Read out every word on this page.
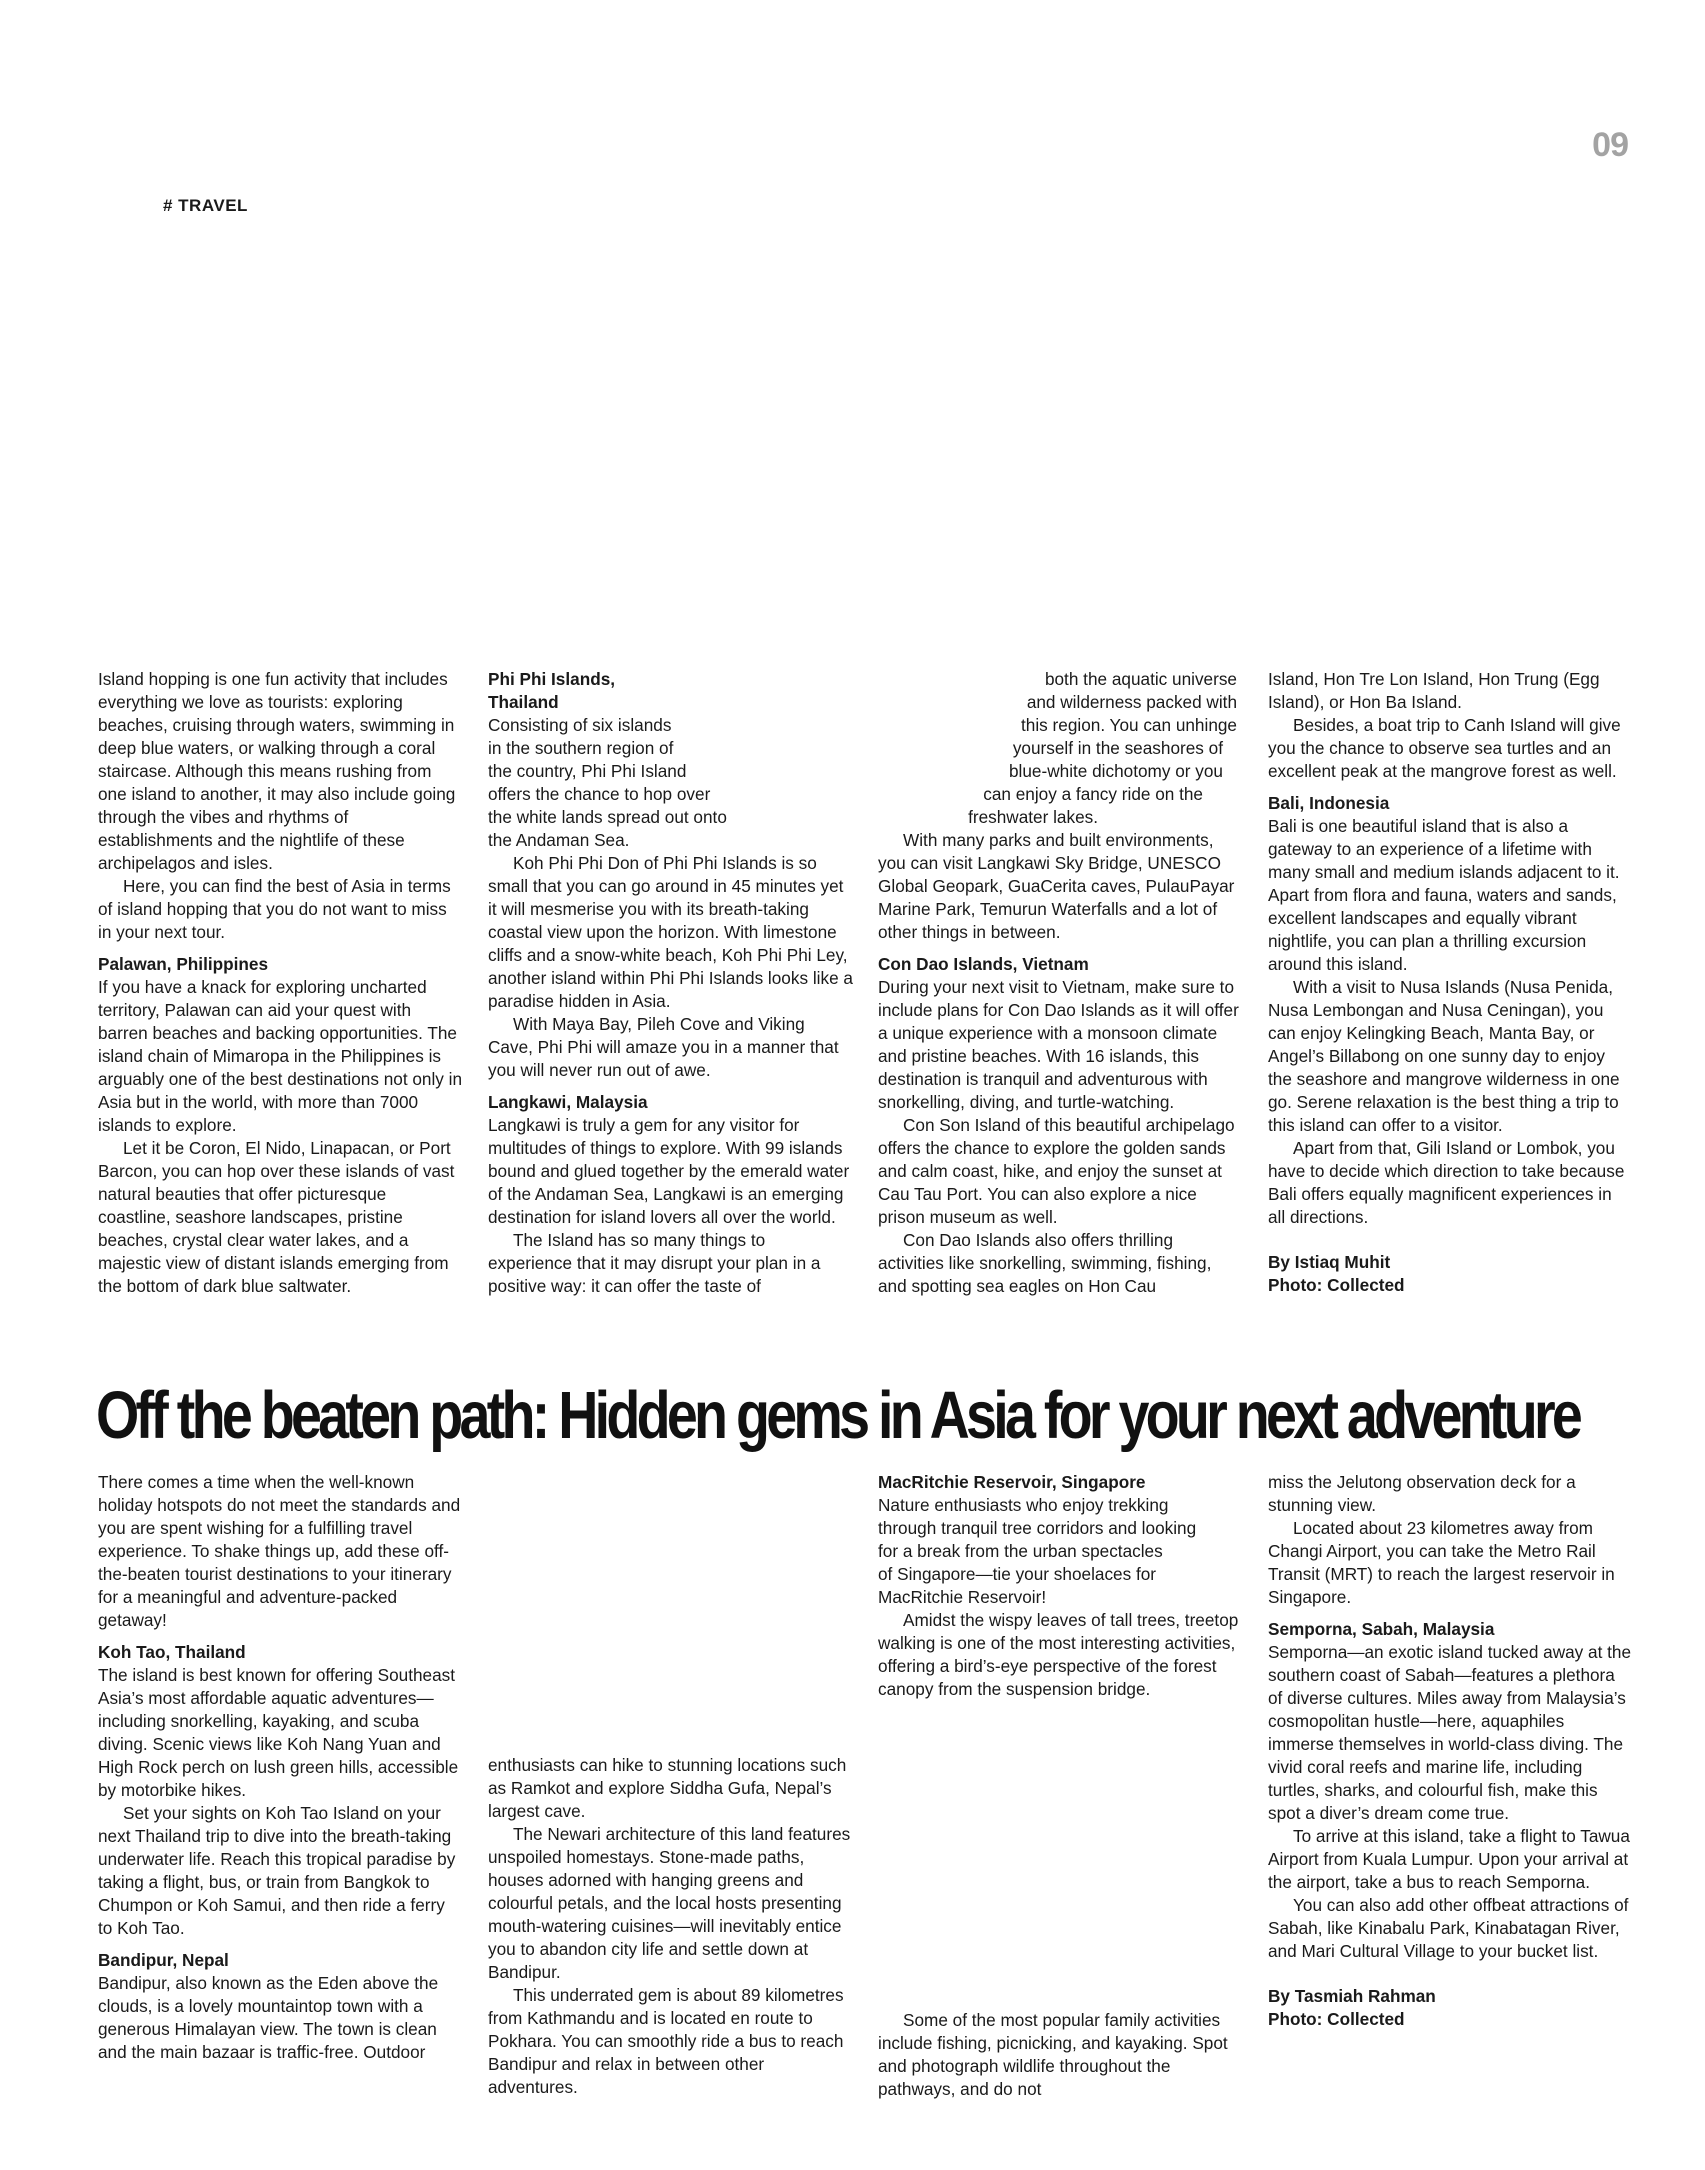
09
# TRAVEL

Island hopping is one fun activity that includes everything we love as tourists: exploring beaches, cruising through waters, swimming in deep blue waters, or walking through a coral staircase. Although this means rushing from one island to another, it may also include going through the vibes and rhythms of establishments and the nightlife of these archipelagos and isles.

Here, you can find the best of Asia in terms of island hopping that you do not want to miss in your next tour.

Palawan, Philippines

If you have a knack for exploring uncharted territory, Palawan can aid your quest with barren beaches and backing opportunities. The island chain of Mimaropa in the Philippines is arguably one of the best destinations not only in Asia but in the world, with more than 7000 islands to explore.

Let it be Coron, El Nido, Linapacan, or Port Barcon, you can hop over these islands of vast natural beauties that offer picturesque coastline, seashore landscapes, pristine beaches, crystal clear water lakes, and a majestic view of distant islands emerging from the bottom of dark blue saltwater.

Phi Phi Islands,
Thailand

Consisting of six islands
in the southern region of
the country, Phi Phi Island
offers the chance to hop over
the white lands spread out onto
the Andaman Sea.

Koh Phi Phi Don of Phi Phi Islands is so small that you can go around in 45 minutes yet it will mesmerise you with its breath-taking coastal view upon the horizon. With limestone cliffs and a snow-white beach, Koh Phi Phi Ley, another island within Phi Phi Islands looks like a paradise hidden in Asia.

With Maya Bay, Pileh Cove and Viking Cave, Phi Phi will amaze you in a manner that you will never run out of awe.

Langkawi, Malaysia

Langkawi is truly a gem for any visitor for multitudes of things to explore. With 99 islands bound and glued together by the emerald water of the Andaman Sea, Langkawi is an emerging destination for island lovers all over the world.

The Island has so many things to experience that it may disrupt your plan in a positive way: it can offer the taste of

both the aquatic universe
and wilderness packed with
this region. You can unhinge
yourself in the seashores of
blue-white dichotomy or you
can enjoy a fancy ride on the
freshwater lakes.

With many parks and built environments, you can visit Langkawi Sky Bridge, UNESCO Global Geopark, GuaCerita caves, PulauPayar Marine Park, Temurun Waterfalls and a lot of other things in between.

Con Dao Islands, Vietnam

During your next visit to Vietnam, make sure to include plans for Con Dao Islands as it will offer a unique experience with a monsoon climate and pristine beaches. With 16 islands, this destination is tranquil and adventurous with snorkelling, diving, and turtle-watching.

Con Son Island of this beautiful archipelago offers the chance to explore the golden sands and calm coast, hike, and enjoy the sunset at Cau Tau Port. You can also explore a nice prison museum as well.

Con Dao Islands also offers thrilling activities like snorkelling, swimming, fishing, and spotting sea eagles on Hon Cau

Island, Hon Tre Lon Island, Hon Trung (Egg Island), or Hon Ba Island.

Besides, a boat trip to Canh Island will give you the chance to observe sea turtles and an excellent peak at the mangrove forest as well.

Bali, Indonesia

Bali is one beautiful island that is also a gateway to an experience of a lifetime with many small and medium islands adjacent to it. Apart from flora and fauna, waters and sands, excellent landscapes and equally vibrant nightlife, you can plan a thrilling excursion around this island.

With a visit to Nusa Islands (Nusa Penida, Nusa Lembongan and Nusa Ceningan), you can enjoy Kelingking Beach, Manta Bay, or Angel’s Billabong on one sunny day to enjoy the seashore and mangrove wilderness in one go. Serene relaxation is the best thing a trip to this island can offer to a visitor.

Apart from that, Gili Island or Lombok, you have to decide which direction to take because Bali offers equally magnificent experiences in all directions.

By Istiaq Muhit
Photo: Collected
Off the beaten path: Hidden gems in Asia for your next adventure

There comes a time when the well-known holiday hotspots do not meet the standards and you are spent wishing for a fulfilling travel experience. To shake things up, add these off-the-beaten tourist destinations to your itinerary for a meaningful and adventure-packed getaway!

Koh Tao, Thailand

The island is best known for offering Southeast Asia’s most affordable aquatic adventures—including snorkelling, kayaking, and scuba diving. Scenic views like Koh Nang Yuan and High Rock perch on lush green hills, accessible by motorbike hikes.

Set your sights on Koh Tao Island on your next Thailand trip to dive into the breath-taking underwater life. Reach this tropical paradise by taking a flight, bus, or train from Bangkok to Chumpon or Koh Samui, and then ride a ferry to Koh Tao.

Bandipur, Nepal

Bandipur, also known as the Eden above the clouds, is a lovely mountaintop town with a generous Himalayan view. The town is clean and the main bazaar is traffic-free. Outdoor

enthusiasts can hike to stunning locations such as Ramkot and explore Siddha Gufa, Nepal’s largest cave.

The Newari architecture of this land features unspoiled homestays. Stone-made paths, houses adorned with hanging greens and colourful petals, and the local hosts presenting mouth-watering cuisines—will inevitably entice you to abandon city life and settle down at Bandipur.

This underrated gem is about 89 kilometres from Kathmandu and is located en route to Pokhara. You can smoothly ride a bus to reach Bandipur and relax in between other adventures.

MacRitchie Reservoir, Singapore

Nature enthusiasts who enjoy trekking
through tranquil tree corridors and looking
for a break from the urban spectacles
of Singapore—tie your shoelaces for
MacRitchie Reservoir!

Amidst the wispy leaves of tall trees, treetop walking is one of the most interesting activities, offering a bird’s-eye perspective of the forest canopy from the suspension bridge.

Some of the most popular family activities include fishing, picnicking, and kayaking. Spot and photograph wildlife throughout the pathways, and do not

miss the Jelutong observation deck for a stunning view.

Located about 23 kilometres away from Changi Airport, you can take the Metro Rail Transit (MRT) to reach the largest reservoir in Singapore.

Semporna, Sabah, Malaysia

Semporna—an exotic island tucked away at the southern coast of Sabah—features a plethora of diverse cultures. Miles away from Malaysia’s cosmopolitan hustle—here, aquaphiles immerse themselves in world-class diving. The vivid coral reefs and marine life, including turtles, sharks, and colourful fish, make this spot a diver’s dream come true.

To arrive at this island, take a flight to Tawua Airport from Kuala Lumpur. Upon your arrival at the airport, take a bus to reach Semporna.

You can also add other offbeat attractions of Sabah, like Kinabalu Park, Kinabatagan River, and Mari Cultural Village to your bucket list.

By Tasmiah Rahman
Photo: Collected
